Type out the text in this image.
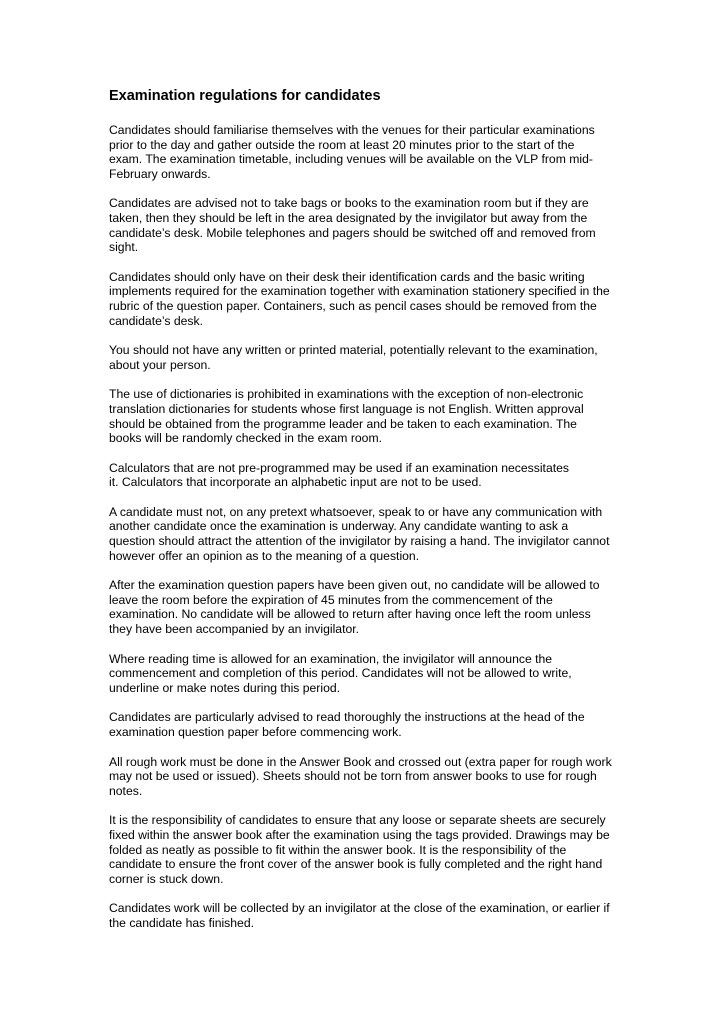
Examination regulations for candidates

Candidates should familiarise themselves with the venues for their particular examinations
prior to the day and gather outside the room at least 20 minutes prior to the start of the
exam. The examination timetable, including venues will be available on the VLP from mid-
February onwards.

Candidates are advised not to take bags or books to the examination room but if they are
taken, then they should be left in the area designated by the invigilator but away from the
candidate’s desk. Mobile telephones and pagers should be switched off and removed from
sight.

Candidates should only have on their desk their identification cards and the basic writing
implements required for the examination together with examination stationery specified in the
rubric of the question paper. Containers, such as pencil cases should be removed from the
candidate’s desk.

You should not have any written or printed material, potentially relevant to the examination,
about your person.

The use of dictionaries is prohibited in examinations with the exception of non-electronic
translation dictionaries for students whose first language is not English. Written approval
should be obtained from the programme leader and be taken to each examination. The
books will be randomly checked in the exam room.

Calculators that are not pre-programmed may be used if an examination necessitates
it. Calculators that incorporate an alphabetic input are not to be used.

A candidate must not, on any pretext whatsoever, speak to or have any communication with
another candidate once the examination is underway. Any candidate wanting to ask a
question should attract the attention of the invigilator by raising a hand. The invigilator cannot
however offer an opinion as to the meaning of a question.

After the examination question papers have been given out, no candidate will be allowed to
leave the room before the expiration of 45 minutes from the commencement of the
examination. No candidate will be allowed to return after having once left the room unless
they have been accompanied by an invigilator.

Where reading time is allowed for an examination, the invigilator will announce the
commencement and completion of this period. Candidates will not be allowed to write,
underline or make notes during this period.

Candidates are particularly advised to read thoroughly the instructions at the head of the
examination question paper before commencing work.

All rough work must be done in the Answer Book and crossed out (extra paper for rough work
may not be used or issued). Sheets should not be torn from answer books to use for rough
notes.

It is the responsibility of candidates to ensure that any loose or separate sheets are securely
fixed within the answer book after the examination using the tags provided. Drawings may be
folded as neatly as possible to fit within the answer book. It is the responsibility of the
candidate to ensure the front cover of the answer book is fully completed and the right hand
corner is stuck down.

Candidates work will be collected by an invigilator at the close of the examination, or earlier if
the candidate has finished.
